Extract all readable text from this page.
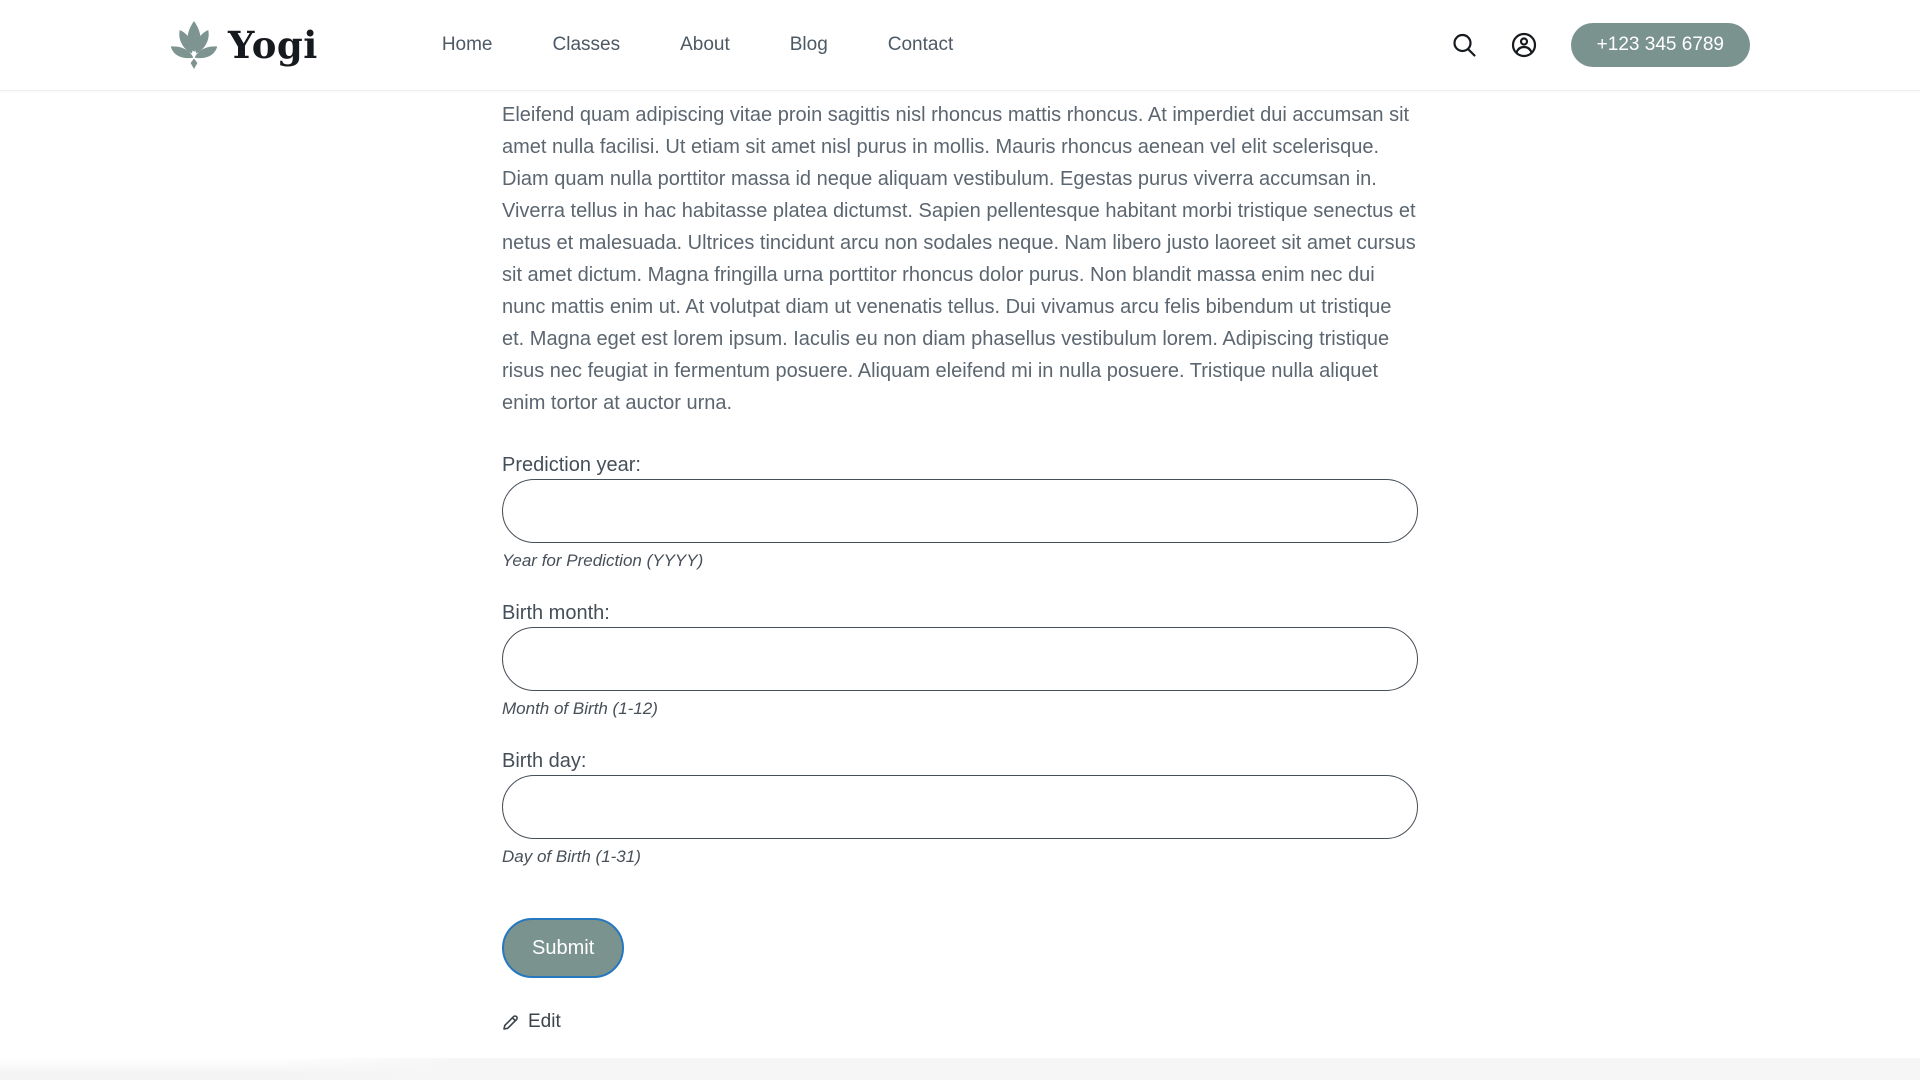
Yogi	Home	Classes	About	Blog	Contact	+123 345 6789

Eleifend quam adipiscing vitae proin sagittis nisl rhoncus mattis rhoncus. At imperdiet dui accumsan sit amet nulla facilisi. Ut etiam sit amet nisl purus in mollis. Mauris rhoncus aenean vel elit scelerisque. Diam quam nulla porttitor massa id neque aliquam vestibulum. Egestas purus viverra accumsan in. Viverra tellus in hac habitasse platea dictumst. Sapien pellentesque habitant morbi tristique senectus et netus et malesuada. Ultrices tincidunt arcu non sodales neque. Nam libero justo laoreet sit amet cursus sit amet dictum. Magna fringilla urna porttitor rhoncus dolor purus. Non blandit massa enim nec dui nunc mattis enim ut. At volutpat diam ut venenatis tellus. Dui vivamus arcu felis bibendum ut tristique et. Magna eget est lorem ipsum. Iaculis eu non diam phasellus vestibulum lorem. Adipiscing tristique risus nec feugiat in fermentum posuere. Aliquam eleifend mi in nulla posuere. Tristique nulla aliquet enim tortor at auctor urna.

Prediction year:
Year for Prediction (YYYY)
Birth month:
Month of Birth (1-12)
Birth day:
Day of Birth (1-31)
Submit
Edit
